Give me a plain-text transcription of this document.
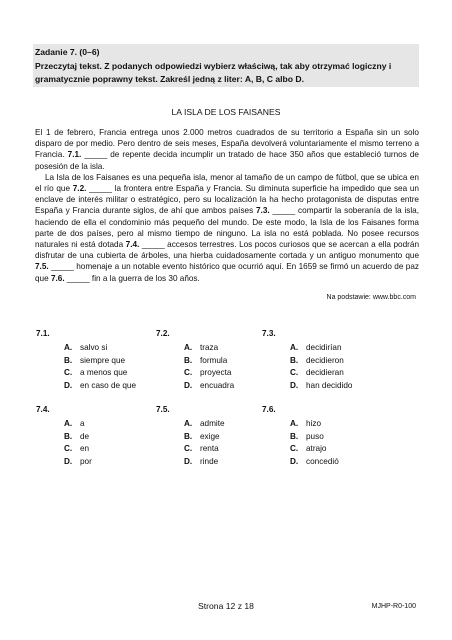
Zadanie 7. (0–6)
Przeczytaj tekst. Z podanych odpowiedzi wybierz właściwą, tak aby otrzymać logiczny i gramatycznie poprawny tekst. Zakreśl jedną z liter: A, B, C albo D.
LA ISLA DE LOS FAISANES

El 1 de febrero, Francia entrega unos 2.000 metros cuadrados de su territorio a España sin un solo disparo de por medio. Pero dentro de seis meses, España devolverá voluntariamente el mismo terreno a Francia. 7.1. _____ de repente decida incumplir un tratado de hace 350 años que estableció turnos de posesión de la isla.

La Isla de los Faisanes es una pequeña isla, menor al tamaño de un campo de fútbol, que se ubica en el río que 7.2. _____ la frontera entre España y Francia. Su diminuta superficie ha impedido que sea un enclave de interés militar o estratégico, pero su localización la ha hecho protagonista de disputas entre España y Francia durante siglos, de ahí que ambos países 7.3. _____ compartir la soberanía de la isla, haciendo de ella el condominio más pequeño del mundo. De este modo, la Isla de los Faisanes forma parte de dos países, pero al mismo tiempo de ninguno. La isla no está poblada. No posee recursos naturales ni está dotada 7.4. _____ accesos terrestres. Los pocos curiosos que se acercan a ella podrán disfrutar de una cubierta de árboles, una hierba cuidadosamente cortada y un antiguo monumento que 7.5. _____ homenaje a un notable evento histórico que ocurrió aquí. En 1659 se firmó un acuerdo de paz que 7.6. _____ fin a la guerra de los 30 años.

Na podstawie: www.bbc.com
7.1.
A. salvo si
B. siempre que
C. a menos que
D. en caso de que
7.2.
A. traza
B. formula
C. proyecta
D. encuadra
7.3.
A. decidirían
B. decidieron
C. decidieran
D. han decidido
7.4.
A. a
B. de
C. en
D. por
7.5.
A. admite
B. exige
C. renta
D. rinde
7.6.
A. hizo
B. puso
C. atrajo
D. concedió
Strona 12 z 18	MJHP-R0-100
